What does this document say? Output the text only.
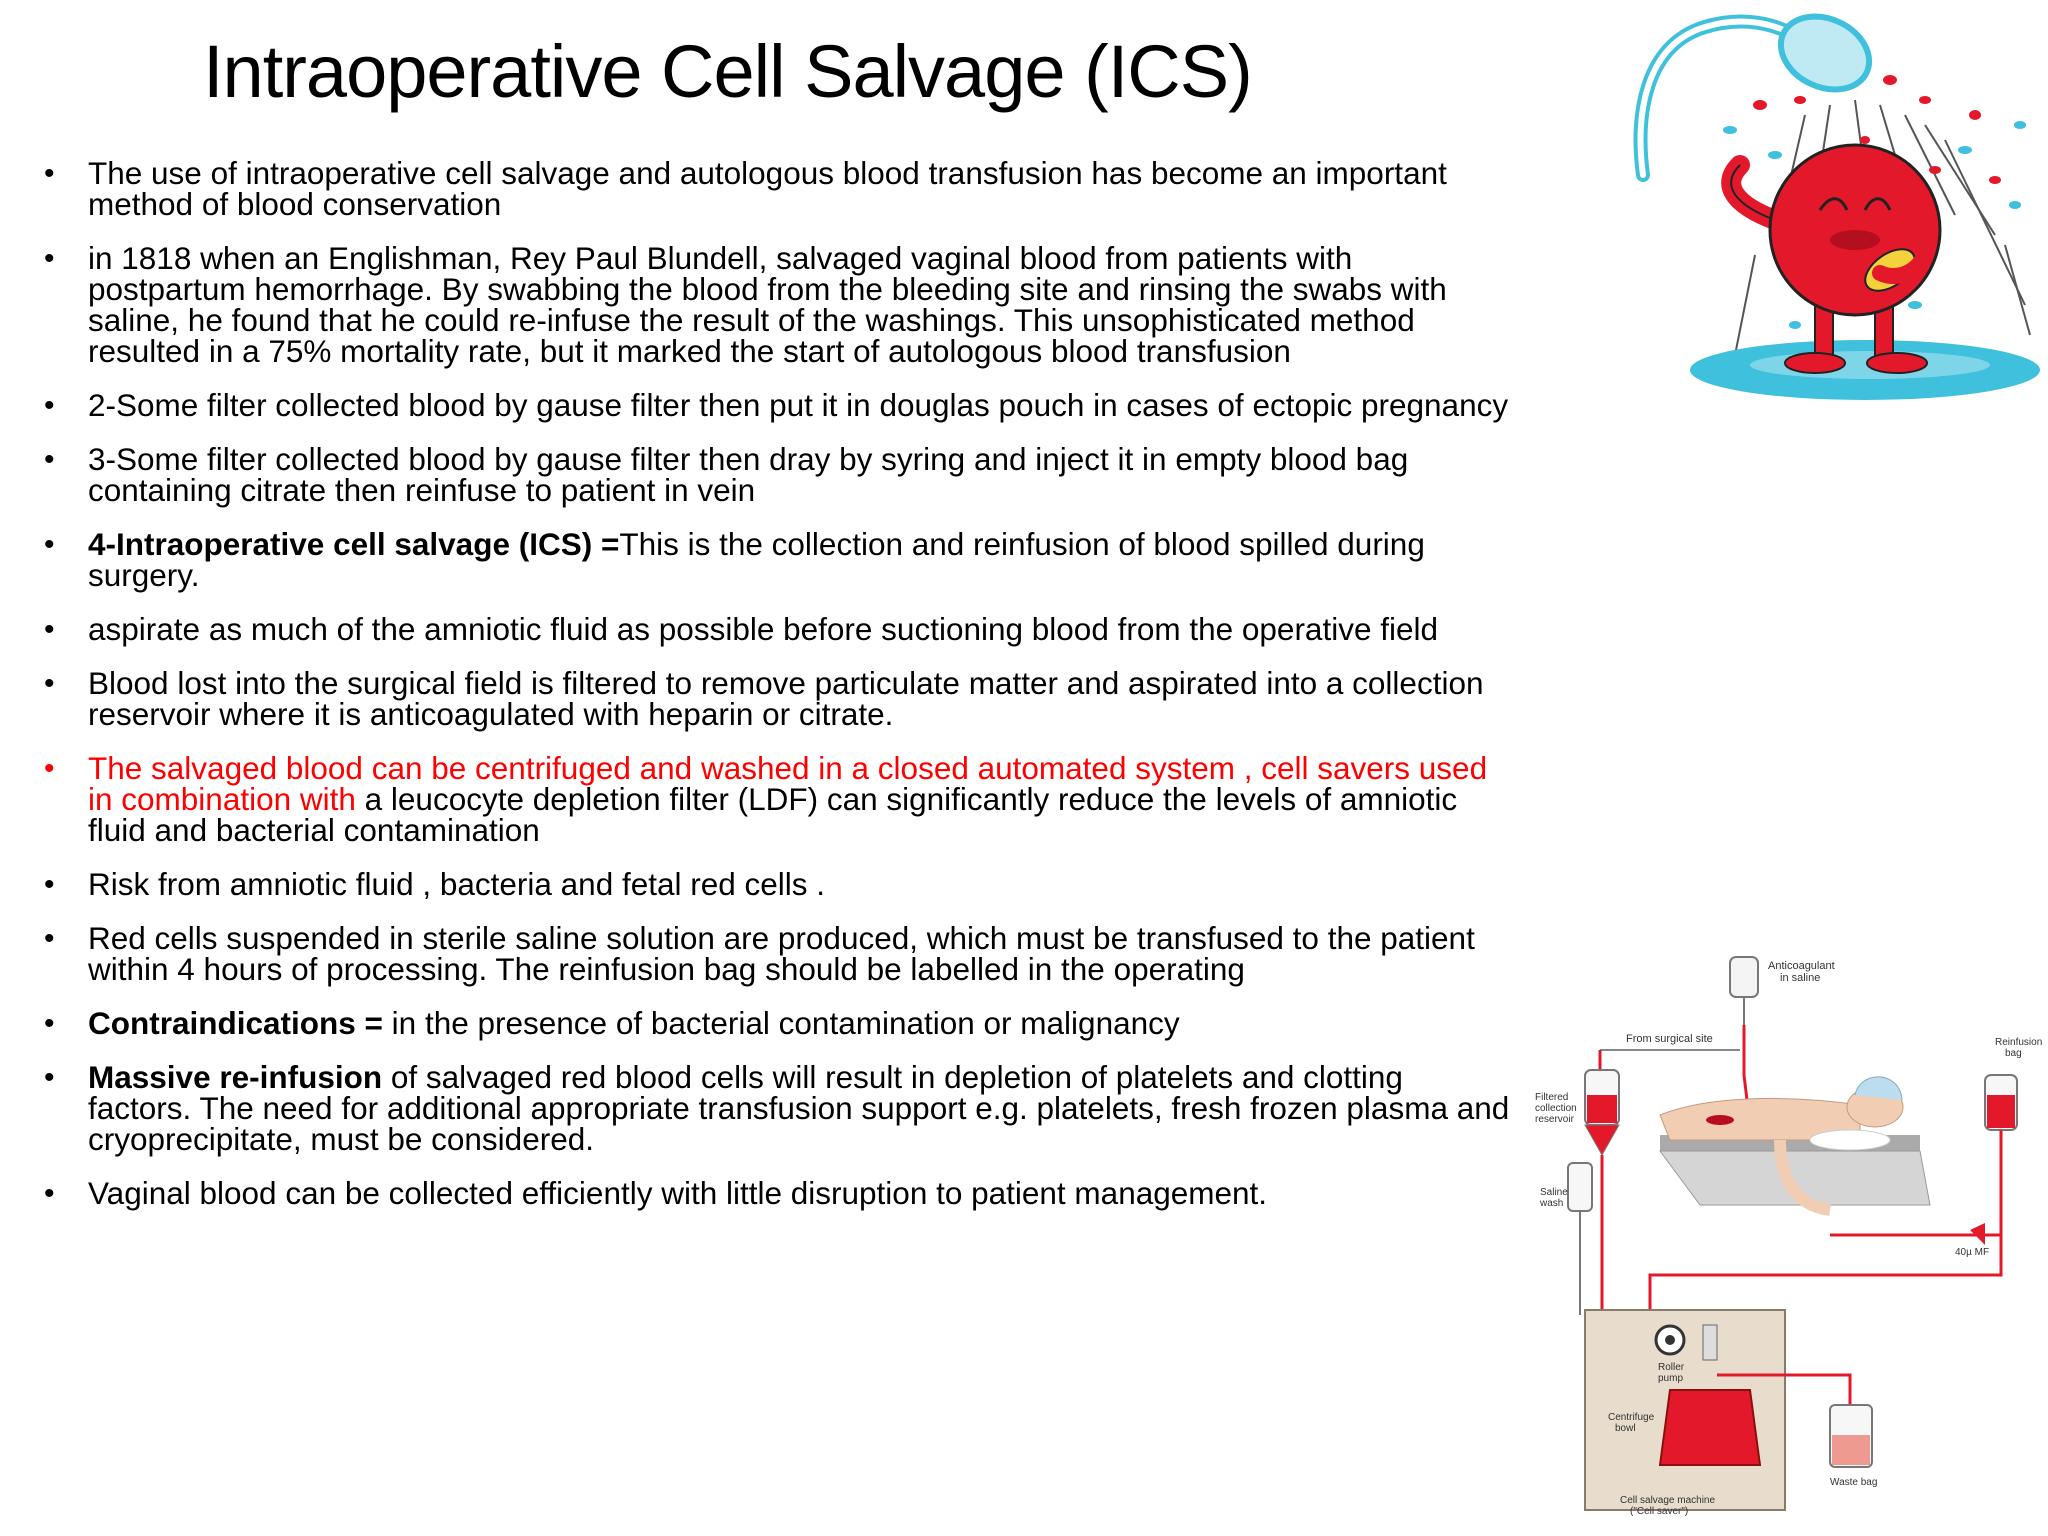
Intraoperative Cell Salvage (ICS)
•	The use of intraoperative cell salvage and autologous blood transfusion has become an important method of blood conservation
•	in 1818 when an Englishman, Rey Paul Blundell, salvaged vaginal blood from patients with postpartum hemorrhage. By swabbing the blood from the bleeding site and rinsing the swabs with saline, he found that he could re-infuse the result of the washings. This unsophisticated method resulted in a 75% mortality rate, but it marked the start of autologous blood transfusion
•	2-Some filter collected blood by gause filter then put it in douglas pouch in cases of ectopic pregnancy
•	3-Some filter collected blood by gause filter then dray by syring and inject it in empty blood bag containing citrate then reinfuse to patient in vein
•	4-Intraoperative cell salvage (ICS) =This is the collection and reinfusion of blood spilled during surgery.
•	aspirate as much of the amniotic fluid as possible before suctioning blood from the operative field
•	Blood lost into the surgical field is filtered to remove particulate matter and aspirated into a collection reservoir where it is anticoagulated with heparin or citrate.
•	The salvaged blood can be centrifuged and washed in a closed automated system , cell savers used in combination with a leucocyte depletion filter (LDF) can significantly reduce the levels of amniotic fluid and bacterial contamination
•	Risk from amniotic fluid , bacteria and fetal red cells .
•	Red cells suspended in sterile saline solution are produced, which must be transfused to the patient within 4 hours of processing. The reinfusion bag should be labelled in the operating
•	Contraindications = in the presence of bacterial contamination or malignancy
•	Massive re-infusion of salvaged red blood cells will result in depletion of platelets and clotting factors. The need for additional appropriate transfusion support e.g. platelets, fresh frozen plasma and cryoprecipitate, must be considered.
•	Vaginal blood can be collected efficiently with little disruption to patient management.
Anticoagulant in saline
From surgical site
Filtered collection reservoir
Saline wash
Reinfusion bag
40µ MF
Roller pump
Centrifuge bowl
Cell salvage machine ("Cell saver")
Waste bag
